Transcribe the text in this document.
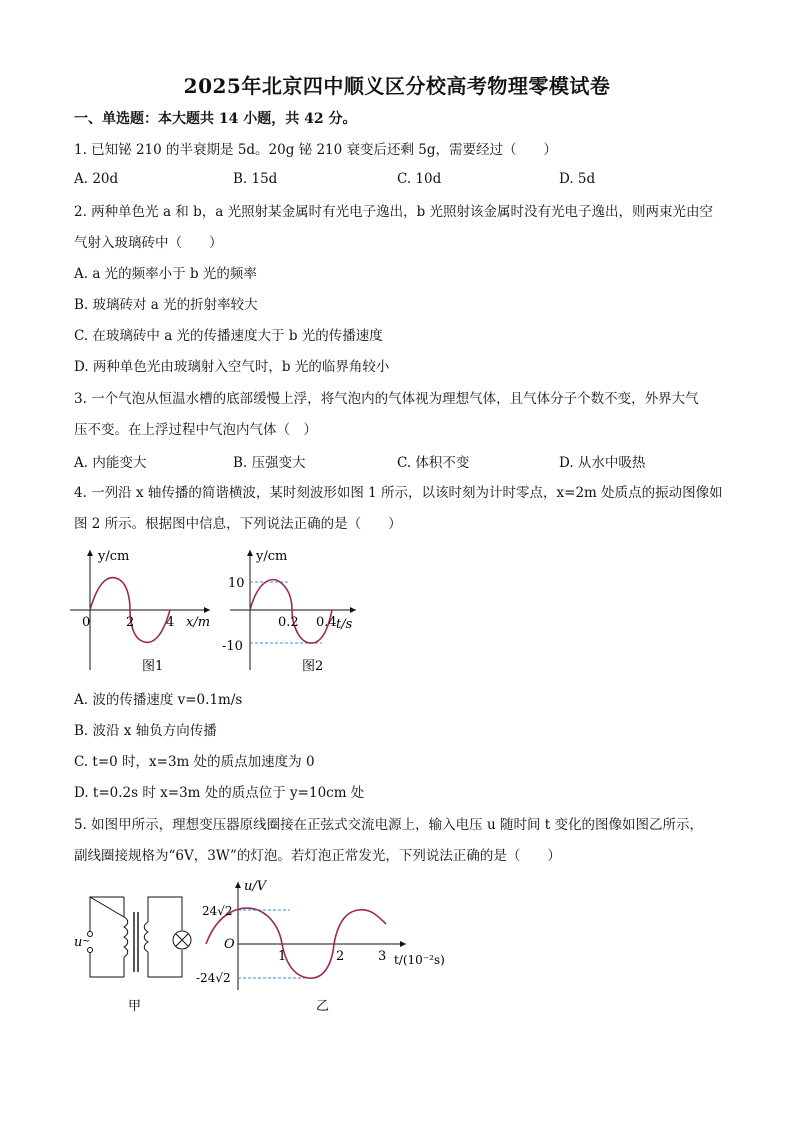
2025年北京四中顺义区分校高考物理零模试卷
一、单选题：本大题共 14 小题，共 42 分。
1. 已知铋 210 的半衰期是 5d。20g 铋 210 衰变后还剩 5g，需要经过（　　）
A. 20d	B. 15d	C. 10d	D. 5d
2. 两种单色光 a 和 b，a 光照射某金属时有光电子逸出，b 光照射该金属时没有光电子逸出，则两束光由空
气射入玻璃砖中（　　）
A. a 光的频率小于 b 光的频率
B. 玻璃砖对 a 光的折射率较大
C. 在玻璃砖中 a 光的传播速度大于 b 光的传播速度
D. 两种单色光由玻璃射入空气时，b 光的临界角较小
3. 一个气泡从恒温水槽的底部缓慢上浮，将气泡内的气体视为理想气体，且气体分子个数不变，外界大气
压不变。在上浮过程中气泡内气体（　）
A. 内能变大	B. 压强变大	C. 体积不变	D. 从水中吸热
4. 一列沿 x 轴传播的简谐横波，某时刻波形如图 1 所示，以该时刻为计时零点，x=2m 处质点的振动图像如
图 2 所示。根据图中信息，下列说法正确的是（　　）
y/cm
0	2 4 x/m
图1
y/cm
10
-10
0.2 0.4 t/s
图2
A. 波的传播速度 v=0.1m/s
B. 波沿 x 轴负方向传播
C. t=0 时，x=3m 处的质点加速度为 0
D. t=0.2s 时 x=3m 处的质点位于 y=10cm 处
5. 如图甲所示，理想变压器原线圈接在正弦式交流电源上，输入电压 u 随时间 t 变化的图像如图乙所示，
副线圈接规格为“6V，3W”的灯泡。若灯泡正常发光，下列说法正确的是（　　）
u ~
甲
u/V
24√2
-24√2
O
1	2	3 t/(10⁻²s)
乙
